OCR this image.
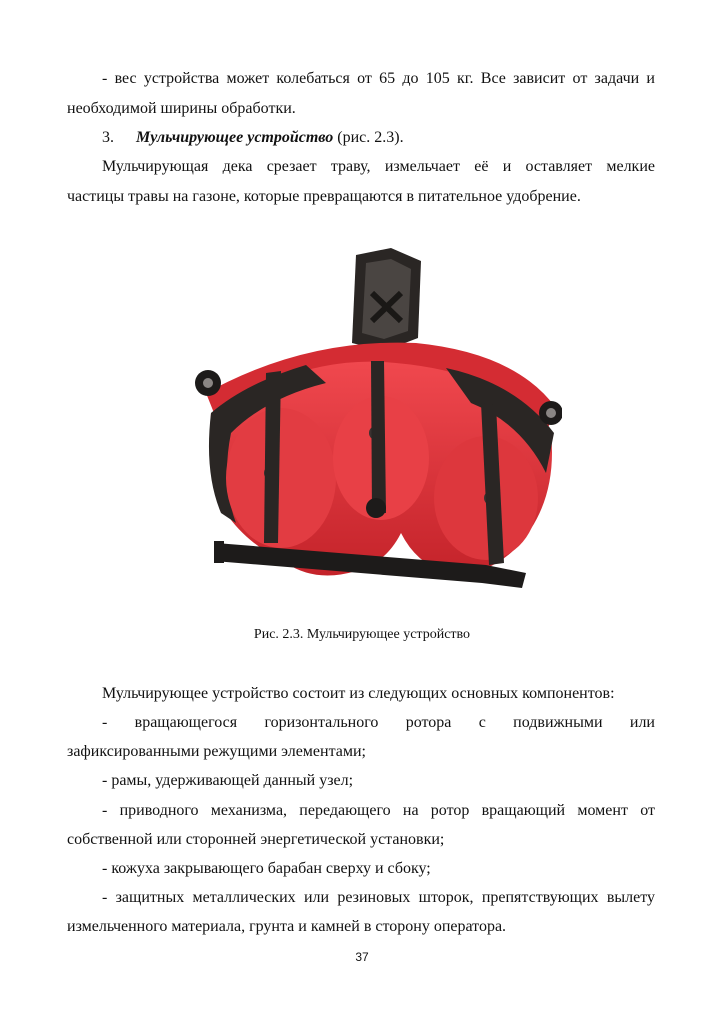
- вес устройства может колебаться от 65 до 105 кг. Все зависит от задачи и
необходимой ширины обработки.
3. Мульчирующее устройство (рис. 2.3).
Мульчирующая дека срезает траву, измельчает её и оставляет мелкие
частицы травы на газоне, которые превращаются в питательное удобрение.
Рис. 2.3. Мульчирующее устройство
Мульчирующее устройство состоит из следующих основных компонентов:
- вращающегося горизонтального ротора с подвижными или
зафиксированными режущими элементами;
- рамы, удерживающей данный узел;
- приводного механизма, передающего на ротор вращающий момент от
собственной или сторонней энергетической установки;
- кожуха закрывающего барабан сверху и сбоку;
- защитных металлических или резиновых шторок, препятствующих вылету
измельченного материала, грунта и камней в сторону оператора.
37
